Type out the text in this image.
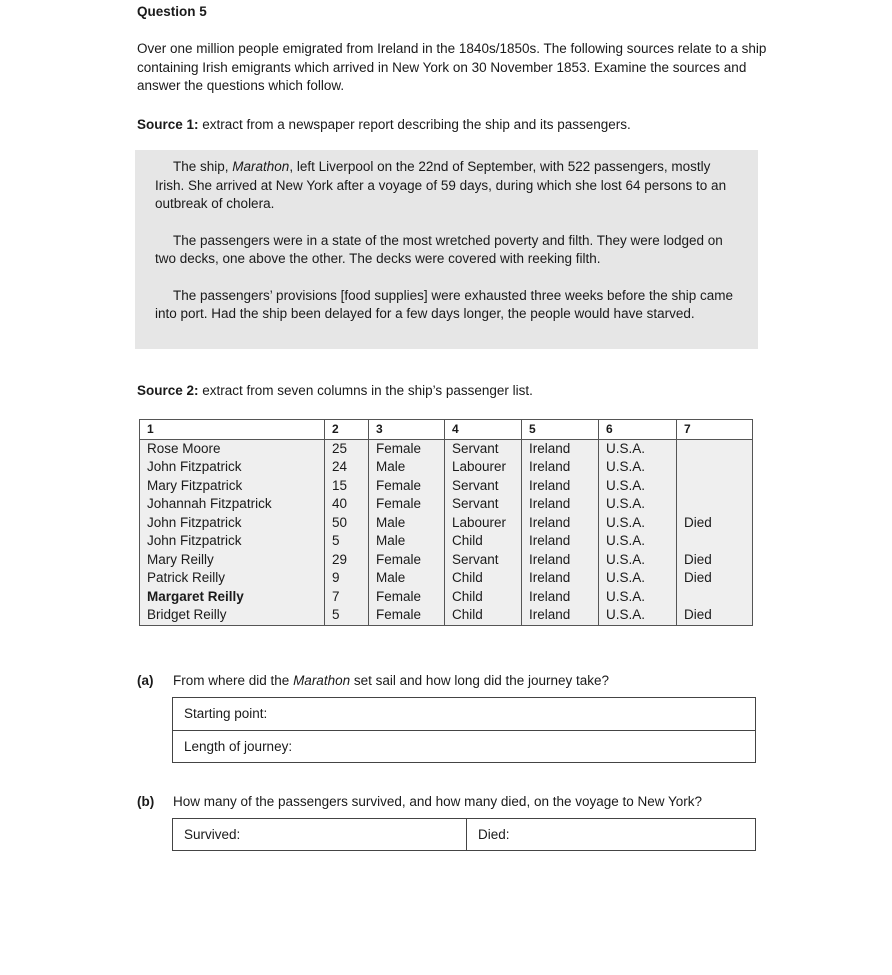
Question 5
Over one million people emigrated from Ireland in the 1840s/1850s. The following sources relate to a ship containing Irish emigrants which arrived in New York on 30 November 1853. Examine the sources and answer the questions which follow.
Source 1: extract from a newspaper report describing the ship and its passengers.

The ship, Marathon, left Liverpool on the 22nd of September, with 522 passengers, mostly Irish. She arrived at New York after a voyage of 59 days, during which she lost 64 persons to an outbreak of cholera.

The passengers were in a state of the most wretched poverty and filth. They were lodged on two decks, one above the other. The decks were covered with reeking filth.

The passengers’ provisions [food supplies] were exhausted three weeks before the ship came into port. Had the ship been delayed for a few days longer, the people would have starved.

Source 2: extract from seven columns in the ship’s passenger list.
1	2	3	4	5	6	7
Rose Moore	25	Female	Servant	Ireland	U.S.A.	
John Fitzpatrick	24	Male	Labourer	Ireland	U.S.A.	
Mary Fitzpatrick	15	Female	Servant	Ireland	U.S.A.	
Johannah Fitzpatrick	40	Female	Servant	Ireland	U.S.A.	
John Fitzpatrick	50	Male	Labourer	Ireland	U.S.A.	Died
John Fitzpatrick	5	Male	Child	Ireland	U.S.A.	
Mary Reilly	29	Female	Servant	Ireland	U.S.A.	Died
Patrick Reilly	9	Male	Child	Ireland	U.S.A.	Died
Margaret Reilly	7	Female	Child	Ireland	U.S.A.	
Bridget Reilly	5	Female	Child	Ireland	U.S.A.	Died
(a) From where did the Marathon set sail and how long did the journey take?
Starting point:
Length of journey:
(b) How many of the passengers survived, and how many died, on the voyage to New York?
Survived:	Died:
